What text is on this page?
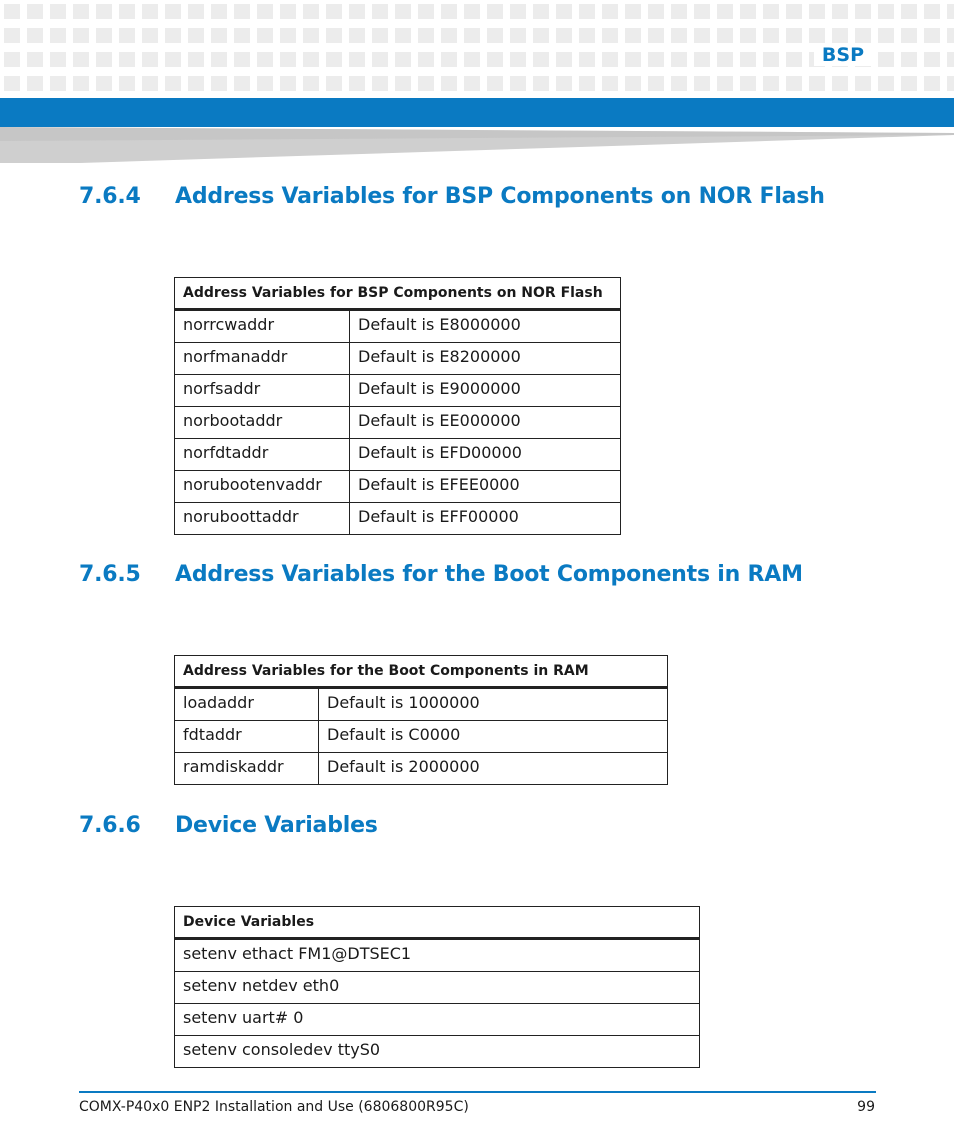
BSP
7.6.4 Address Variables for BSP Components on NOR Flash
Address Variables for BSP Components on NOR Flash	
norrcwaddr	Default is E8000000
norfmanaddr	Default is E8200000
norfsaddr	Default is E9000000
norbootaddr	Default is EE000000
norfdtaddr	Default is EFD00000
norubootenvaddr	Default is EFEE0000
noruboottaddr	Default is EFF00000
7.6.5 Address Variables for the Boot Components in RAM
Address Variables for the Boot Components in RAM	
loadaddr	Default is 1000000
fdtaddr	Default is C0000
ramdiskaddr	Default is 2000000
7.6.6 Device Variables
Device Variables
setenv ethact FM1@DTSEC1
setenv netdev eth0
setenv uart# 0
setenv consoledev ttyS0
COMX-P40x0 ENP2 Installation and Use (6806800R95C)	99
